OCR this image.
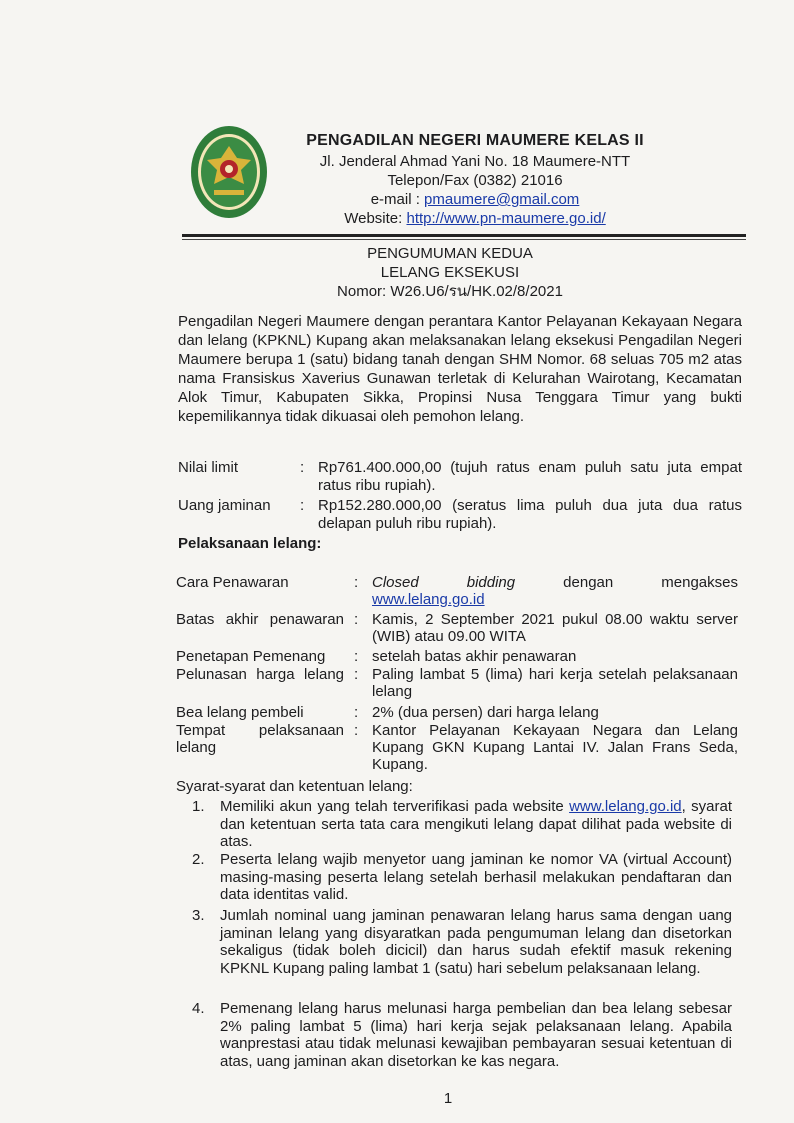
PENGADILAN NEGERI MAUMERE KELAS II
Jl. Jenderal Ahmad Yani No. 18 Maumere-NTT
Telepon/Fax (0382) 21016
e-mail : pmaumere@gmail.com
Website: http://www.pn-maumere.go.id/
PENGUMUMAN KEDUA
LELANG EKSEKUSI
Nomor: W26.U6/รน/HK.02/8/2021
Pengadilan Negeri Maumere dengan perantara Kantor Pelayanan Kekayaan Negara dan lelang (KPKNL) Kupang akan melaksanakan lelang eksekusi Pengadilan Negeri Maumere berupa 1 (satu) bidang tanah dengan SHM Nomor. 68 seluas 705 m2 atas nama Fransiskus Xaverius Gunawan terletak di Kelurahan Wairotang, Kecamatan Alok Timur, Kabupaten Sikka, Propinsi Nusa Tenggara Timur yang bukti kepemilikannya tidak dikuasai oleh pemohon lelang.
Nilai limit	: Rp761.400.000,00 (tujuh ratus enam puluh satu juta empat ratus ribu rupiah).
Uang jaminan	: Rp152.280.000,00 (seratus lima puluh dua juta dua ratus delapan puluh ribu rupiah).
Pelaksanaan lelang:
Cara Penawaran	: Closed bidding dengan mengakses
www.lelang.go.id
Batas akhir penawaran : Kamis, 2 September 2021 pukul 08.00 waktu server (WIB) atau 09.00 WITA
Penetapan Pemenang	: setelah batas akhir penawaran
Pelunasan harga lelang : Paling lambat 5 (lima) hari kerja setelah pelaksanaan lelang
Bea lelang pembeli	: 2% (dua persen) dari harga lelang
Tempat pelaksanaan lelang
: Kantor Pelayanan Kekayaan Negara dan Lelang Kupang GKN Kupang Lantai IV. Jalan Frans Seda, Kupang.
Syarat-syarat dan ketentuan lelang:
1.	Memiliki akun yang telah terverifikasi pada website www.lelang.go.id, syarat dan ketentuan serta tata cara mengikuti lelang dapat dilihat pada website di atas.
2.	Peserta lelang wajib menyetor uang jaminan ke nomor VA (virtual Account) masing-masing peserta lelang setelah berhasil melakukan pendaftaran dan data identitas valid.
3.	Jumlah nominal uang jaminan penawaran lelang harus sama dengan uang jaminan lelang yang disyaratkan pada pengumuman lelang dan disetorkan sekaligus (tidak boleh dicicil) dan harus sudah efektif masuk rekening KPKNL Kupang paling lambat 1 (satu) hari sebelum pelaksanaan lelang.
4.	Pemenang lelang harus melunasi harga pembelian dan bea lelang sebesar 2% paling lambat 5 (lima) hari kerja sejak pelaksanaan lelang. Apabila wanprestasi atau tidak melunasi kewajiban pembayaran sesuai ketentuan di atas, uang jaminan akan disetorkan ke kas negara.
1
